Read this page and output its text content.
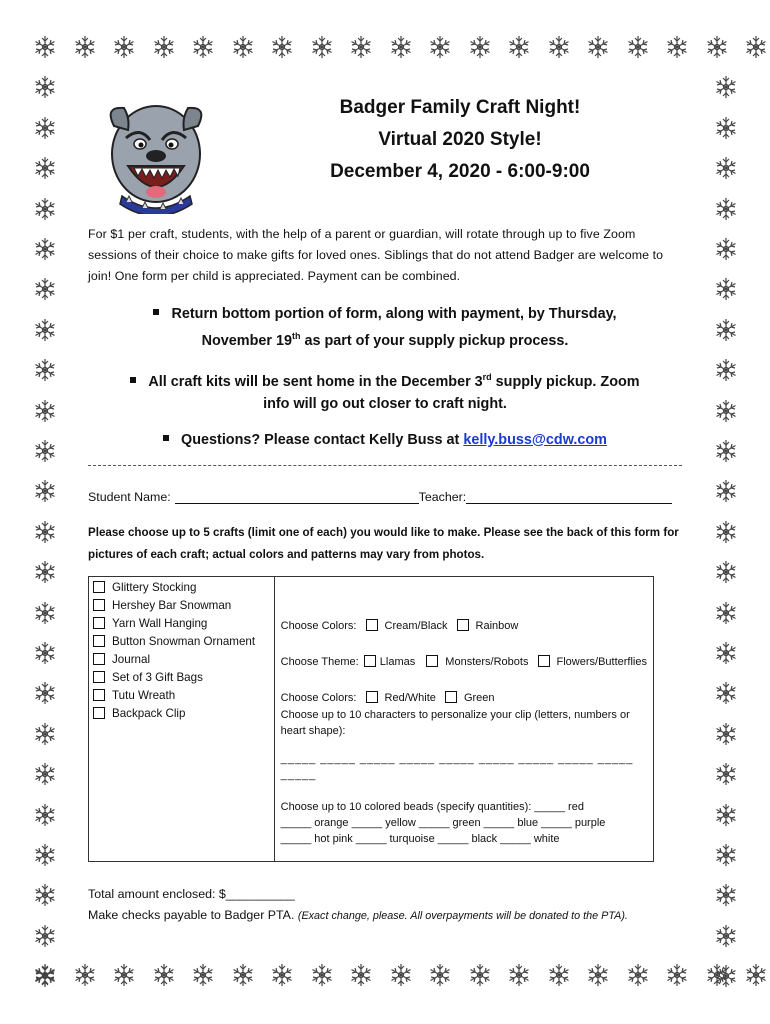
Badger Family Craft Night!
Virtual 2020 Style!
December 4, 2020 - 6:00-9:00
For $1 per craft, students, with the help of a parent or guardian, will rotate through up to five Zoom sessions of their choice to make gifts for loved ones. Siblings that do not attend Badger are welcome to join! One form per child is appreciated. Payment can be combined.
Return bottom portion of form, along with payment, by Thursday,
November 19th as part of your supply pickup process.
All craft kits will be sent home in the December 3rd supply pickup. Zoom
info will go out closer to craft night.
Questions? Please contact Kelly Buss at kelly.buss@cdw.com
Student Name:	Teacher:
Please choose up to 5 crafts (limit one of each) you would like to make. Please see the back of this form for pictures of each craft; actual colors and patterns may vary from photos.
Glittery Stocking
Hershey Bar Snowman
Yarn Wall Hanging
Button Snowman Ornament
Journal
Set of 3 Gift Bags
Tutu Wreath
Backpack Clip

Choose Colors:	Cream/Black	Rainbow
Choose Theme: Llamas	Monsters/Robots	Flowers/Butterflies
Choose Colors:	Red/White	Green
Choose up to 10 characters to personalize your clip (letters, numbers or heart shape):
_____ _____ _____ _____ _____ _____ _____ _____ _____ _____
Choose up to 10 colored beads (specify quantities): _____ red
_____ orange _____ yellow _____ green _____ blue _____ purple
_____ hot pink _____ turquoise _____ black _____ white
Total amount enclosed: $__________
Make checks payable to Badger PTA. (Exact change, please. All overpayments will be donated to the PTA).
